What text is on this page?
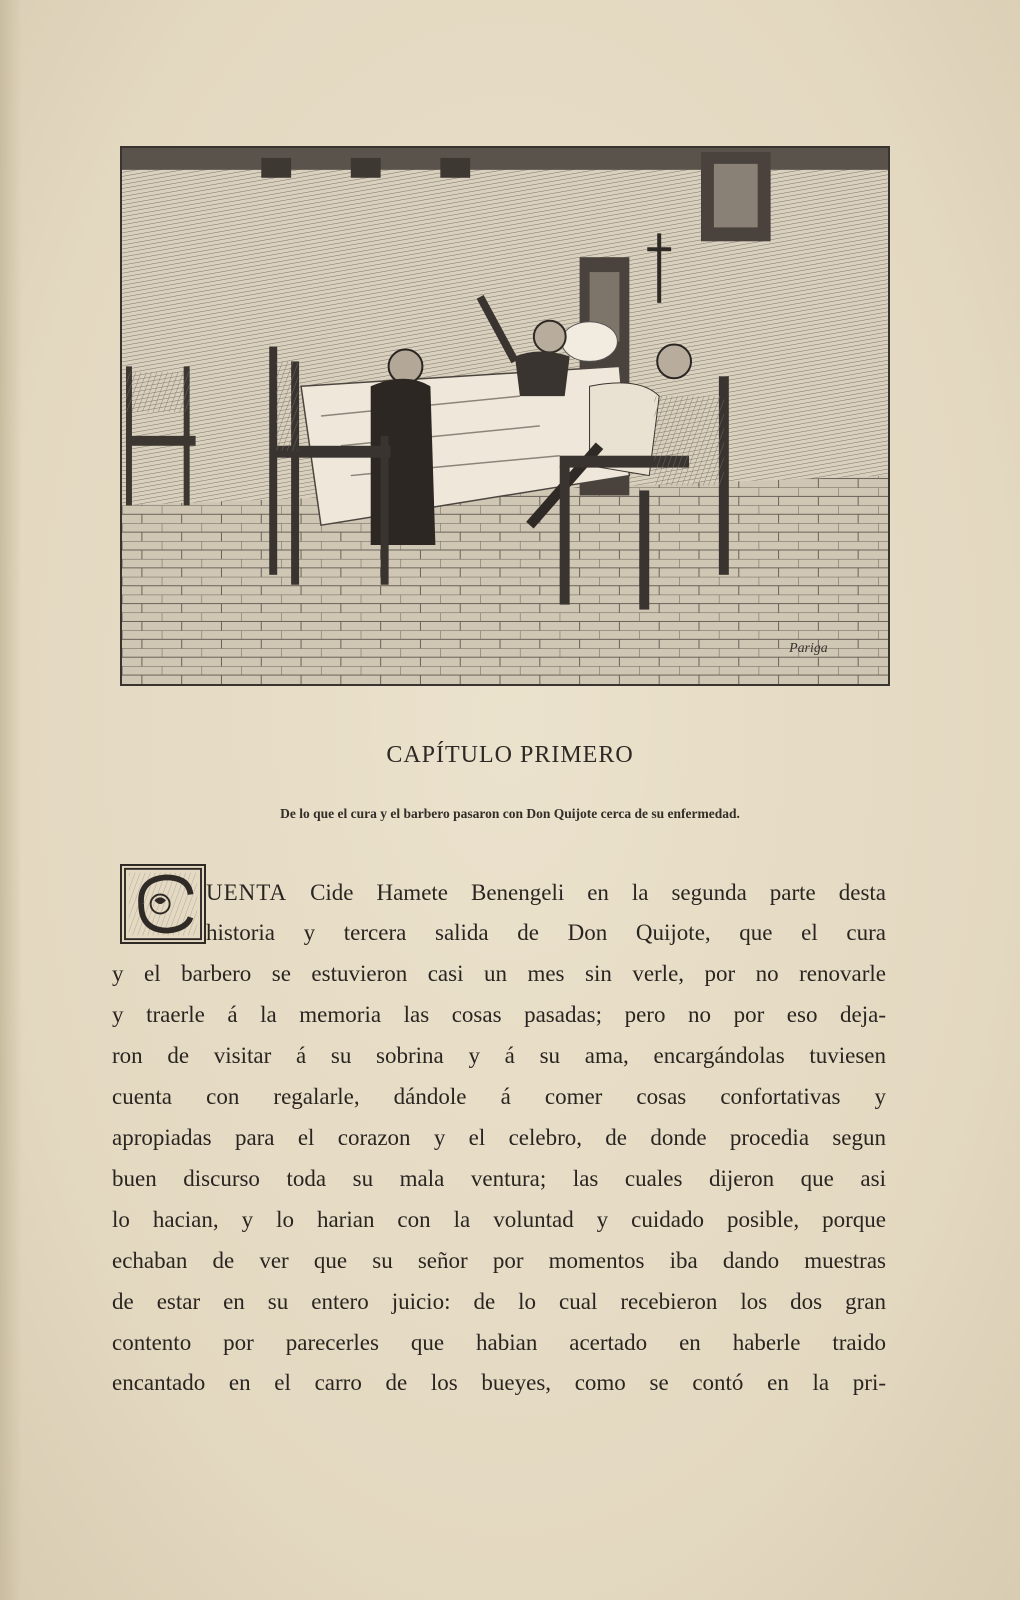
Pariga
CAPÍTULO PRIMERO
De lo que el cura y el barbero pasaron con Don Quijote cerca de su enfermedad.
UENTA Cide Hamete Benengeli en la segunda parte desta
historia y tercera salida de Don Quijote, que el cura
y el barbero se estuvieron casi un mes sin verle, por no renovarle
y traerle á la memoria las cosas pasadas; pero no por eso deja-
ron de visitar á su sobrina y á su ama, encargándolas tuviesen
cuenta con regalarle, dándole á comer cosas confortativas y
apropiadas para el corazon y el celebro, de donde procedia segun
buen discurso toda su mala ventura; las cuales dijeron que asi
lo hacian, y lo harian con la voluntad y cuidado posible, porque
echaban de ver que su señor por momentos iba dando muestras
de estar en su entero juicio: de lo cual recebieron los dos gran
contento por parecerles que habian acertado en haberle traido
encantado en el carro de los bueyes, como se contó en la pri-
